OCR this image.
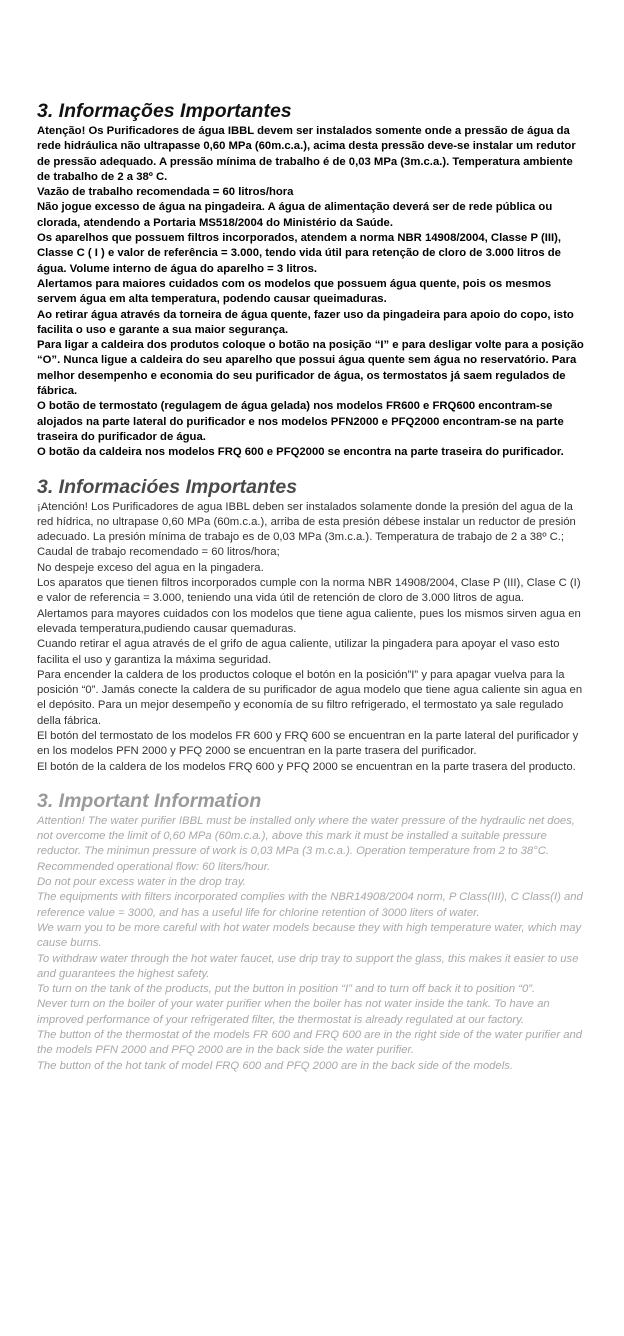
3. Informações Importantes

Atenção! Os Purificadores de água IBBL devem ser instalados somente onde a pressão de água da rede hidráulica não ultrapasse 0,60 MPa (60m.c.a.), acima desta pressão deve-se instalar um redutor de pressão adequado. A pressão mínima de trabalho é de 0,03 MPa (3m.c.a.). Temperatura ambiente de trabalho de 2 a 38º C.

Vazão de trabalho recomendada = 60 litros/hora

Não jogue excesso de água na pingadeira. A água de alimentação deverá ser de rede pública ou clorada, atendendo a Portaria MS518/2004 do Ministério da Saúde.

Os aparelhos que possuem filtros incorporados, atendem a norma NBR 14908/2004, Classe P (III), Classe C ( I ) e valor de referência = 3.000, tendo vida útil para retenção de cloro de 3.000 litros de água. Volume interno de água do aparelho = 3 litros.

Alertamos para maiores cuidados com os modelos que possuem água quente, pois os mesmos servem água em alta temperatura, podendo causar queimaduras.

Ao retirar água através da torneira de água quente, fazer uso da pingadeira para apoio do copo, isto facilita o uso e garante a sua maior segurança.

Para ligar a caldeira dos produtos coloque o botão na posição “I” e para desligar volte para a posição “O”. Nunca ligue a caldeira do seu aparelho que possui água quente sem água no reservatório. Para melhor desempenho e economia do seu purificador de água, os termostatos já saem regulados de fábrica.

O botão de termostato (regulagem de água gelada) nos modelos FR600 e FRQ600 encontram-se alojados na parte lateral do purificador e nos modelos PFN2000 e PFQ2000 encontram-se na parte traseira do purificador de água.

O botão da caldeira nos modelos FRQ 600 e PFQ2000 se encontra na parte traseira do purificador.

3. Informacióes Importantes

¡Atención! Los Purificadores de agua IBBL deben ser instalados solamente donde la presión del agua de la red hídrica, no ultrapase 0,60 MPa (60m.c.a.), arriba de esta presión débese instalar un reductor de presión adecuado. La presión mínima de trabajo es de 0,03 MPa (3m.c.a.). Temperatura de trabajo de 2 a 38º C.;

Caudal de trabajo recomendado = 60 litros/hora;

No despeje exceso del agua en la pingadera.

Los aparatos que tienen filtros incorporados cumple con la norma NBR 14908/2004, Clase P (III), Clase C (I) e valor de referencia = 3.000, teniendo una vida útil de retención de cloro de 3.000 litros de agua.

Alertamos para mayores cuidados con los modelos que tiene agua caliente, pues los mismos sirven agua en elevada temperatura,pudiendo causar quemaduras.

Cuando retirar el agua através de el grifo de agua caliente, utilizar la pingadera para apoyar el vaso esto facilita el uso y garantiza la máxima seguridad.

Para encender la caldera de los productos coloque el botón en la posición”I” y para apagar vuelva para la posición “0”. Jamás conecte la caldera de su purificador de agua modelo que tiene agua caliente sin agua en el depósito. Para un mejor desempeño y economía de su filtro refrigerado, el termostato ya sale regulado della fábrica.

El botón del termostato de los modelos FR 600 y FRQ 600 se encuentran en la parte lateral del purificador y en los modelos PFN 2000 y PFQ 2000 se encuentran en la parte trasera del purificador.

El botón de la caldera de los modelos FRQ 600 y PFQ 2000 se encuentran en la parte trasera del producto.

3. Important Information

Attention! The water purifier IBBL must be installed only where the water pressure of the hydraulic net does, not overcome the limit of 0,60 MPa (60m.c.a.), above this mark it must be installed a suitable pressure reductor. The minimun pressure of work is 0,03 MPa (3 m.c.a.). Operation temperature from 2 to 38°C.

Recommended operational flow: 60 liters/hour.

Do not pour excess water in the drop tray.

The equipments with filters incorporated complies with the NBR14908/2004 norm, P Class(III), C Class(I) and reference value = 3000, and has a useful life for chlorine retention of 3000 liters of water.

We warn you to be more careful with hot water models because they with high temperature water, which may cause burns.

To withdraw water through the hot water faucet, use drip tray to support the glass, this makes it easier to use and guarantees the highest safety.

To turn on the tank of the products, put the button in position “I” and to turn off back it to position “0”.

Never turn on the boiler of your water purifier when the boiler has not water inside the tank. To have an improved performance of your refrigerated filter, the thermostat is already regulated at our factory.

The button of the thermostat of the models FR 600 and FRQ 600 are in the right side of the water purifier and the models PFN 2000 and PFQ 2000 are in the back side the water purifier.

The button of the hot tank of model FRQ 600 and PFQ 2000 are in the back side of the models.
